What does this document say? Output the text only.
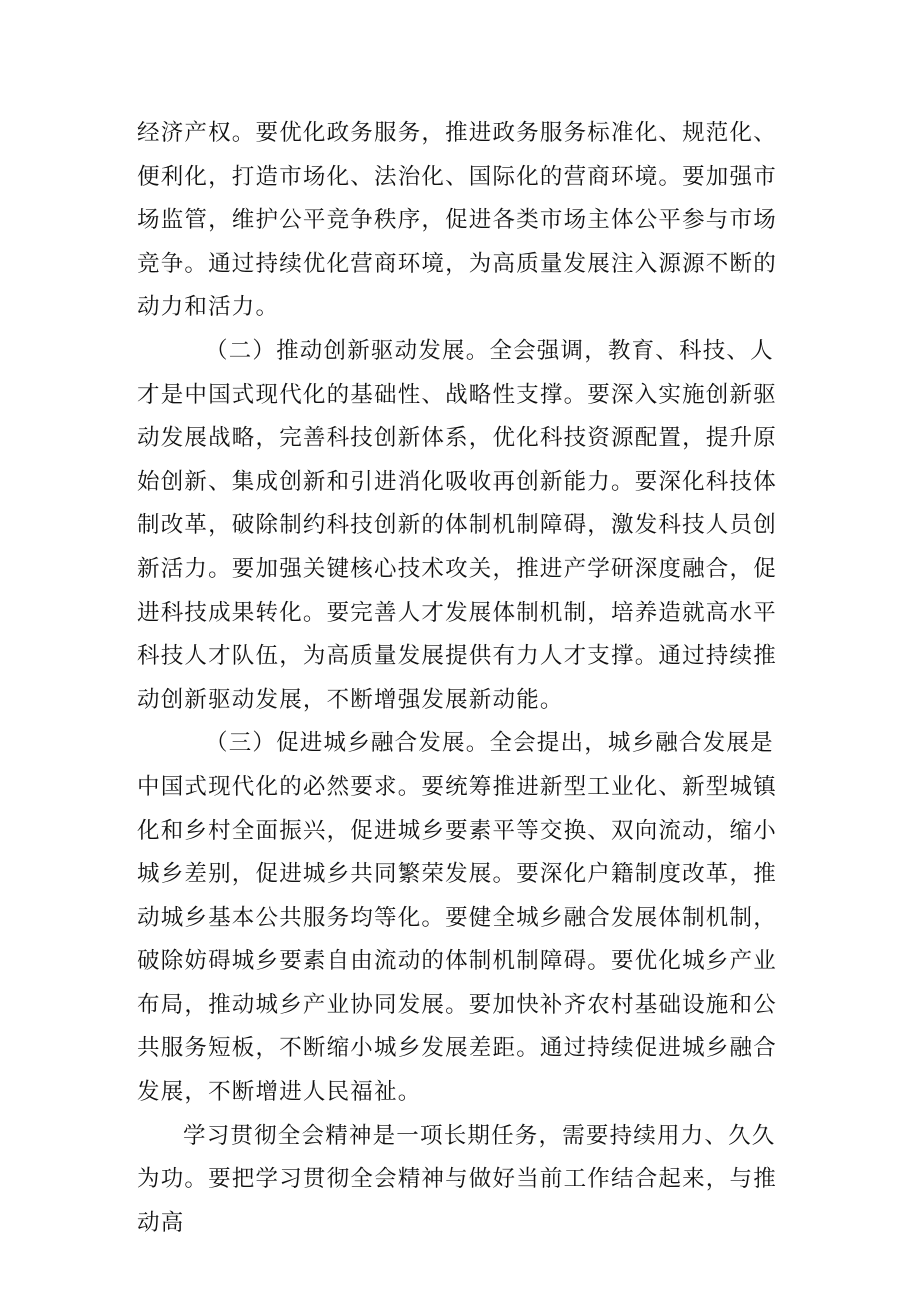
经济产权。要优化政务服务，推进政务服务标准化、规范化、便利化，打造市场化、法治化、国际化的营商环境。要加强市场监管，维护公平竞争秩序，促进各类市场主体公平参与市场竞争。通过持续优化营商环境，为高质量发展注入源源不断的动力和活力。

（二）推动创新驱动发展。全会强调，教育、科技、人才是中国式现代化的基础性、战略性支撑。要深入实施创新驱动发展战略，完善科技创新体系，优化科技资源配置，提升原始创新、集成创新和引进消化吸收再创新能力。要深化科技体制改革，破除制约科技创新的体制机制障碍，激发科技人员创新活力。要加强关键核心技术攻关，推进产学研深度融合，促进科技成果转化。要完善人才发展体制机制，培养造就高水平科技人才队伍，为高质量发展提供有力人才支撑。通过持续推动创新驱动发展，不断增强发展新动能。

（三）促进城乡融合发展。全会提出，城乡融合发展是中国式现代化的必然要求。要统筹推进新型工业化、新型城镇化和乡村全面振兴，促进城乡要素平等交换、双向流动，缩小城乡差别，促进城乡共同繁荣发展。要深化户籍制度改革，推动城乡基本公共服务均等化。要健全城乡融合发展体制机制，破除妨碍城乡要素自由流动的体制机制障碍。要优化城乡产业布局，推动城乡产业协同发展。要加快补齐农村基础设施和公共服务短板，不断缩小城乡发展差距。通过持续促进城乡融合发展，不断增进人民福祉。

学习贯彻全会精神是一项长期任务，需要持续用力、久久为功。要把学习贯彻全会精神与做好当前工作结合起来，与推动高
